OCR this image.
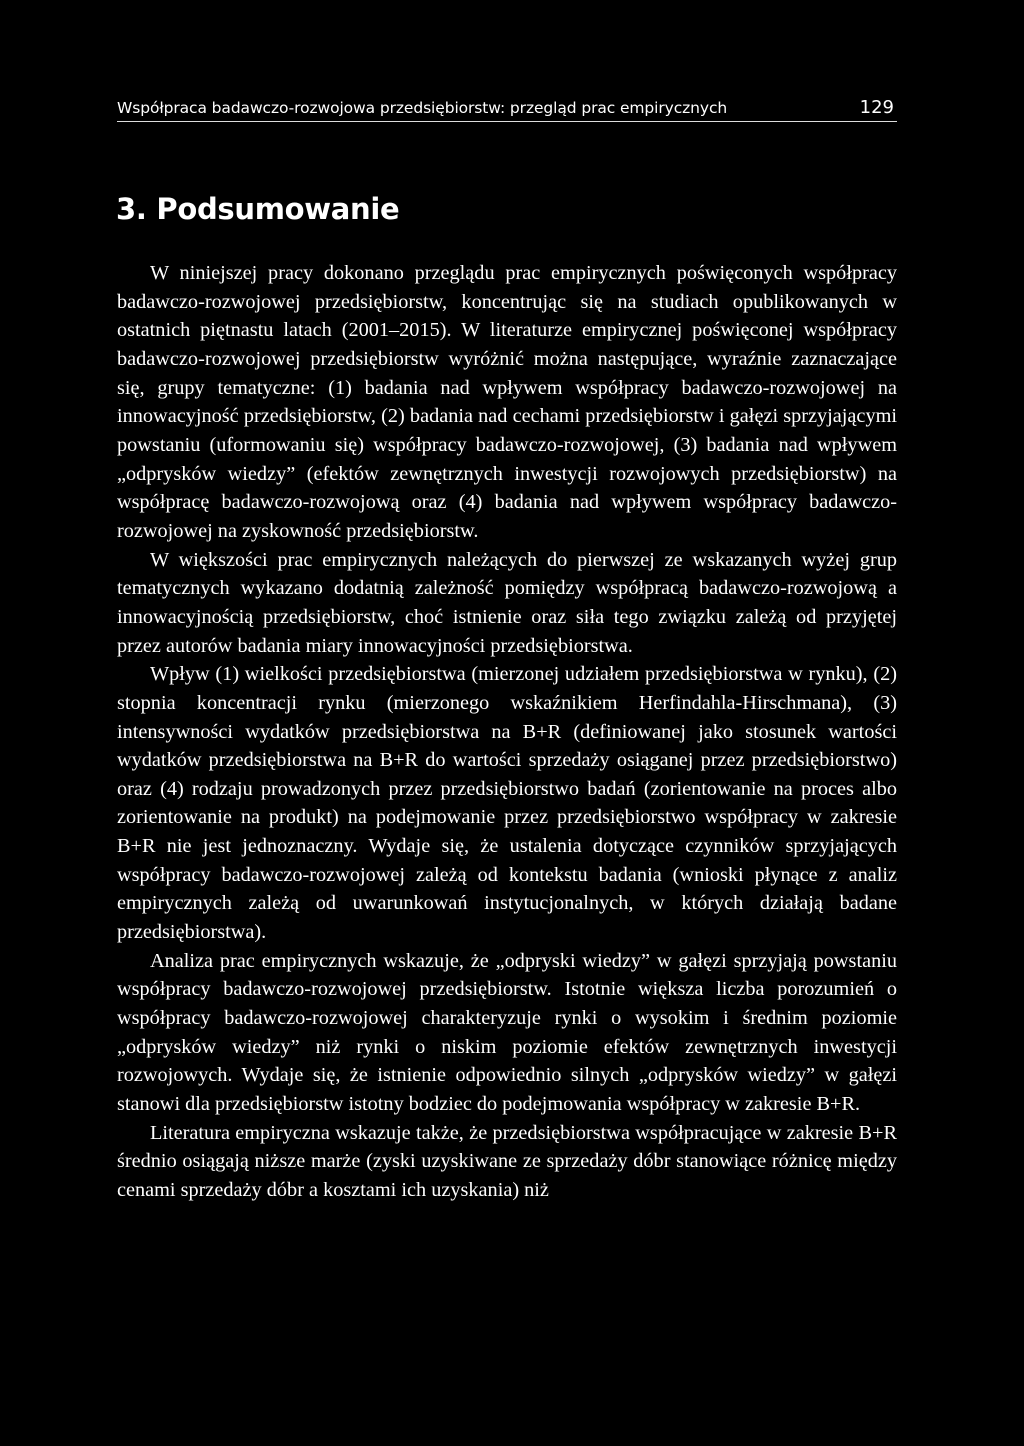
Współpraca badawczo-rozwojowa przedsiębiorstw: przegląd prac empirycznych	129
3. Podsumowanie

W niniejszej pracy dokonano przeglądu prac empirycznych poświęconych współpracy badawczo-rozwojowej przedsiębiorstw, koncentrując się na studiach opublikowanych w ostatnich piętnastu latach (2001–2015). W literaturze empirycznej poświęconej współpracy badawczo-rozwojowej przedsiębiorstw wyróżnić można następujące, wyraźnie zaznaczające się, grupy tematyczne: (1) badania nad wpływem współpracy badawczo-rozwojowej na innowacyjność przedsiębiorstw, (2) badania nad cechami przedsiębiorstw i gałęzi sprzyjającymi powstaniu (uformowaniu się) współpracy badawczo-rozwojowej, (3) badania nad wpływem „odprysków wiedzy” (efektów zewnętrznych inwestycji rozwojowych przedsiębiorstw) na współpracę badawczo-rozwojową oraz (4) badania nad wpływem współpracy badawczo-rozwojowej na zyskowność przedsiębiorstw.

W większości prac empirycznych należących do pierwszej ze wskazanych wyżej grup tematycznych wykazano dodatnią zależność pomiędzy współpracą badawczo-rozwojową a innowacyjnością przedsiębiorstw, choć istnienie oraz siła tego związku zależą od przyjętej przez autorów badania miary innowacyjności przedsiębiorstwa.

Wpływ (1) wielkości przedsiębiorstwa (mierzonej udziałem przedsiębiorstwa w rynku), (2) stopnia koncentracji rynku (mierzonego wskaźnikiem Herfindahla-Hirschmana), (3) intensywności wydatków przedsiębiorstwa na B+R (definiowanej jako stosunek wartości wydatków przedsiębiorstwa na B+R do wartości sprzedaży osiąganej przez przedsiębiorstwo) oraz (4) rodzaju prowadzonych przez przedsiębiorstwo badań (zorientowanie na proces albo zorientowanie na produkt) na podejmowanie przez przedsiębiorstwo współpracy w zakresie B+R nie jest jednoznaczny. Wydaje się, że ustalenia dotyczące czynników sprzyjających współpracy badawczo-rozwojowej zależą od kontekstu badania (wnioski płynące z analiz empirycznych zależą od uwarunkowań instytucjonalnych, w których działają badane przedsiębiorstwa).

Analiza prac empirycznych wskazuje, że „odpryski wiedzy” w gałęzi sprzyjają powstaniu współpracy badawczo-rozwojowej przedsiębiorstw. Istotnie większa liczba porozumień o współpracy badawczo-rozwojowej charakteryzuje rynki o wysokim i średnim poziomie „odprysków wiedzy” niż rynki o niskim poziomie efektów zewnętrznych inwestycji rozwojowych. Wydaje się, że istnienie odpowiednio silnych „odprysków wiedzy” w gałęzi stanowi dla przedsiębiorstw istotny bodziec do podejmowania współpracy w zakresie B+R.

Literatura empiryczna wskazuje także, że przedsiębiorstwa współpracujące w zakresie B+R średnio osiągają niższe marże (zyski uzyskiwane ze sprzedaży dóbr stanowiące różnicę między cenami sprzedaży dóbr a kosztami ich uzyskania) niż
